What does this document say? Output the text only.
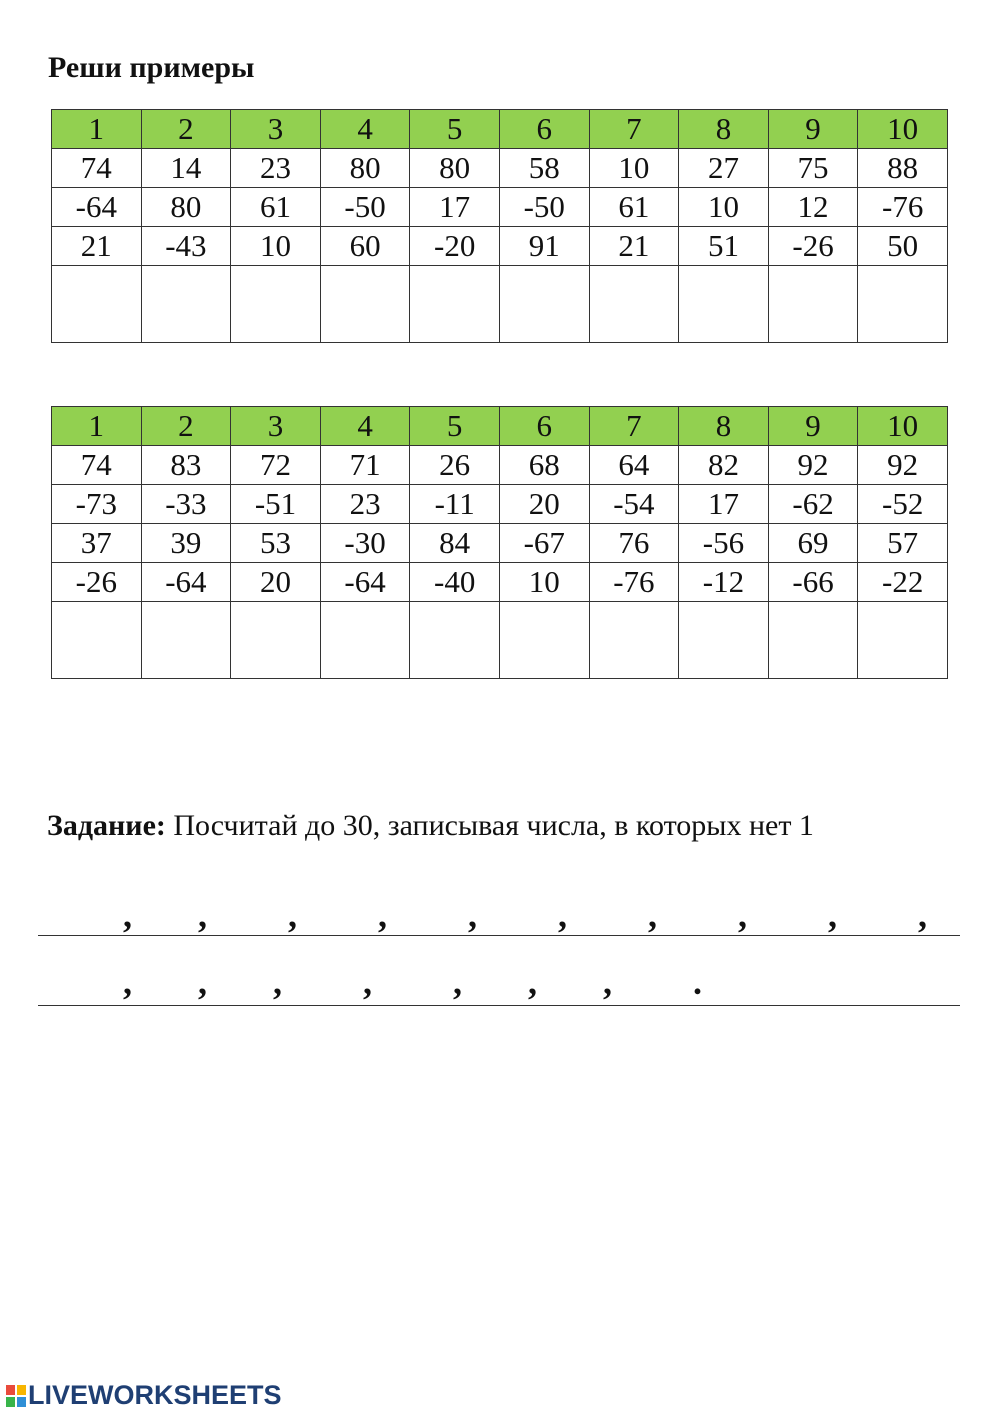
Реши примеры
1	2	3	4	5	6	7	8	9	10
74	14	23	80	80	58	10	27	75	88
-64	80	61	-50	17	-50	61	10	12	-76
21	-43	10	60	-20	91	21	51	-26	50

1	2	3	4	5	6	7	8	9	10
74	83	72	71	26	68	64	82	92	92
-73	-33	-51	23	-11	20	-54	17	-62	-52
37	39	53	-30	84	-67	76	-56	69	57
-26	-64	20	-64	-40	10	-76	-12	-66	-22

Задание: Посчитай до 30, записывая числа, в которых нет 1
, , , , , , , , , ,
, , , , , , , .
LIVEWORKSHEETS
